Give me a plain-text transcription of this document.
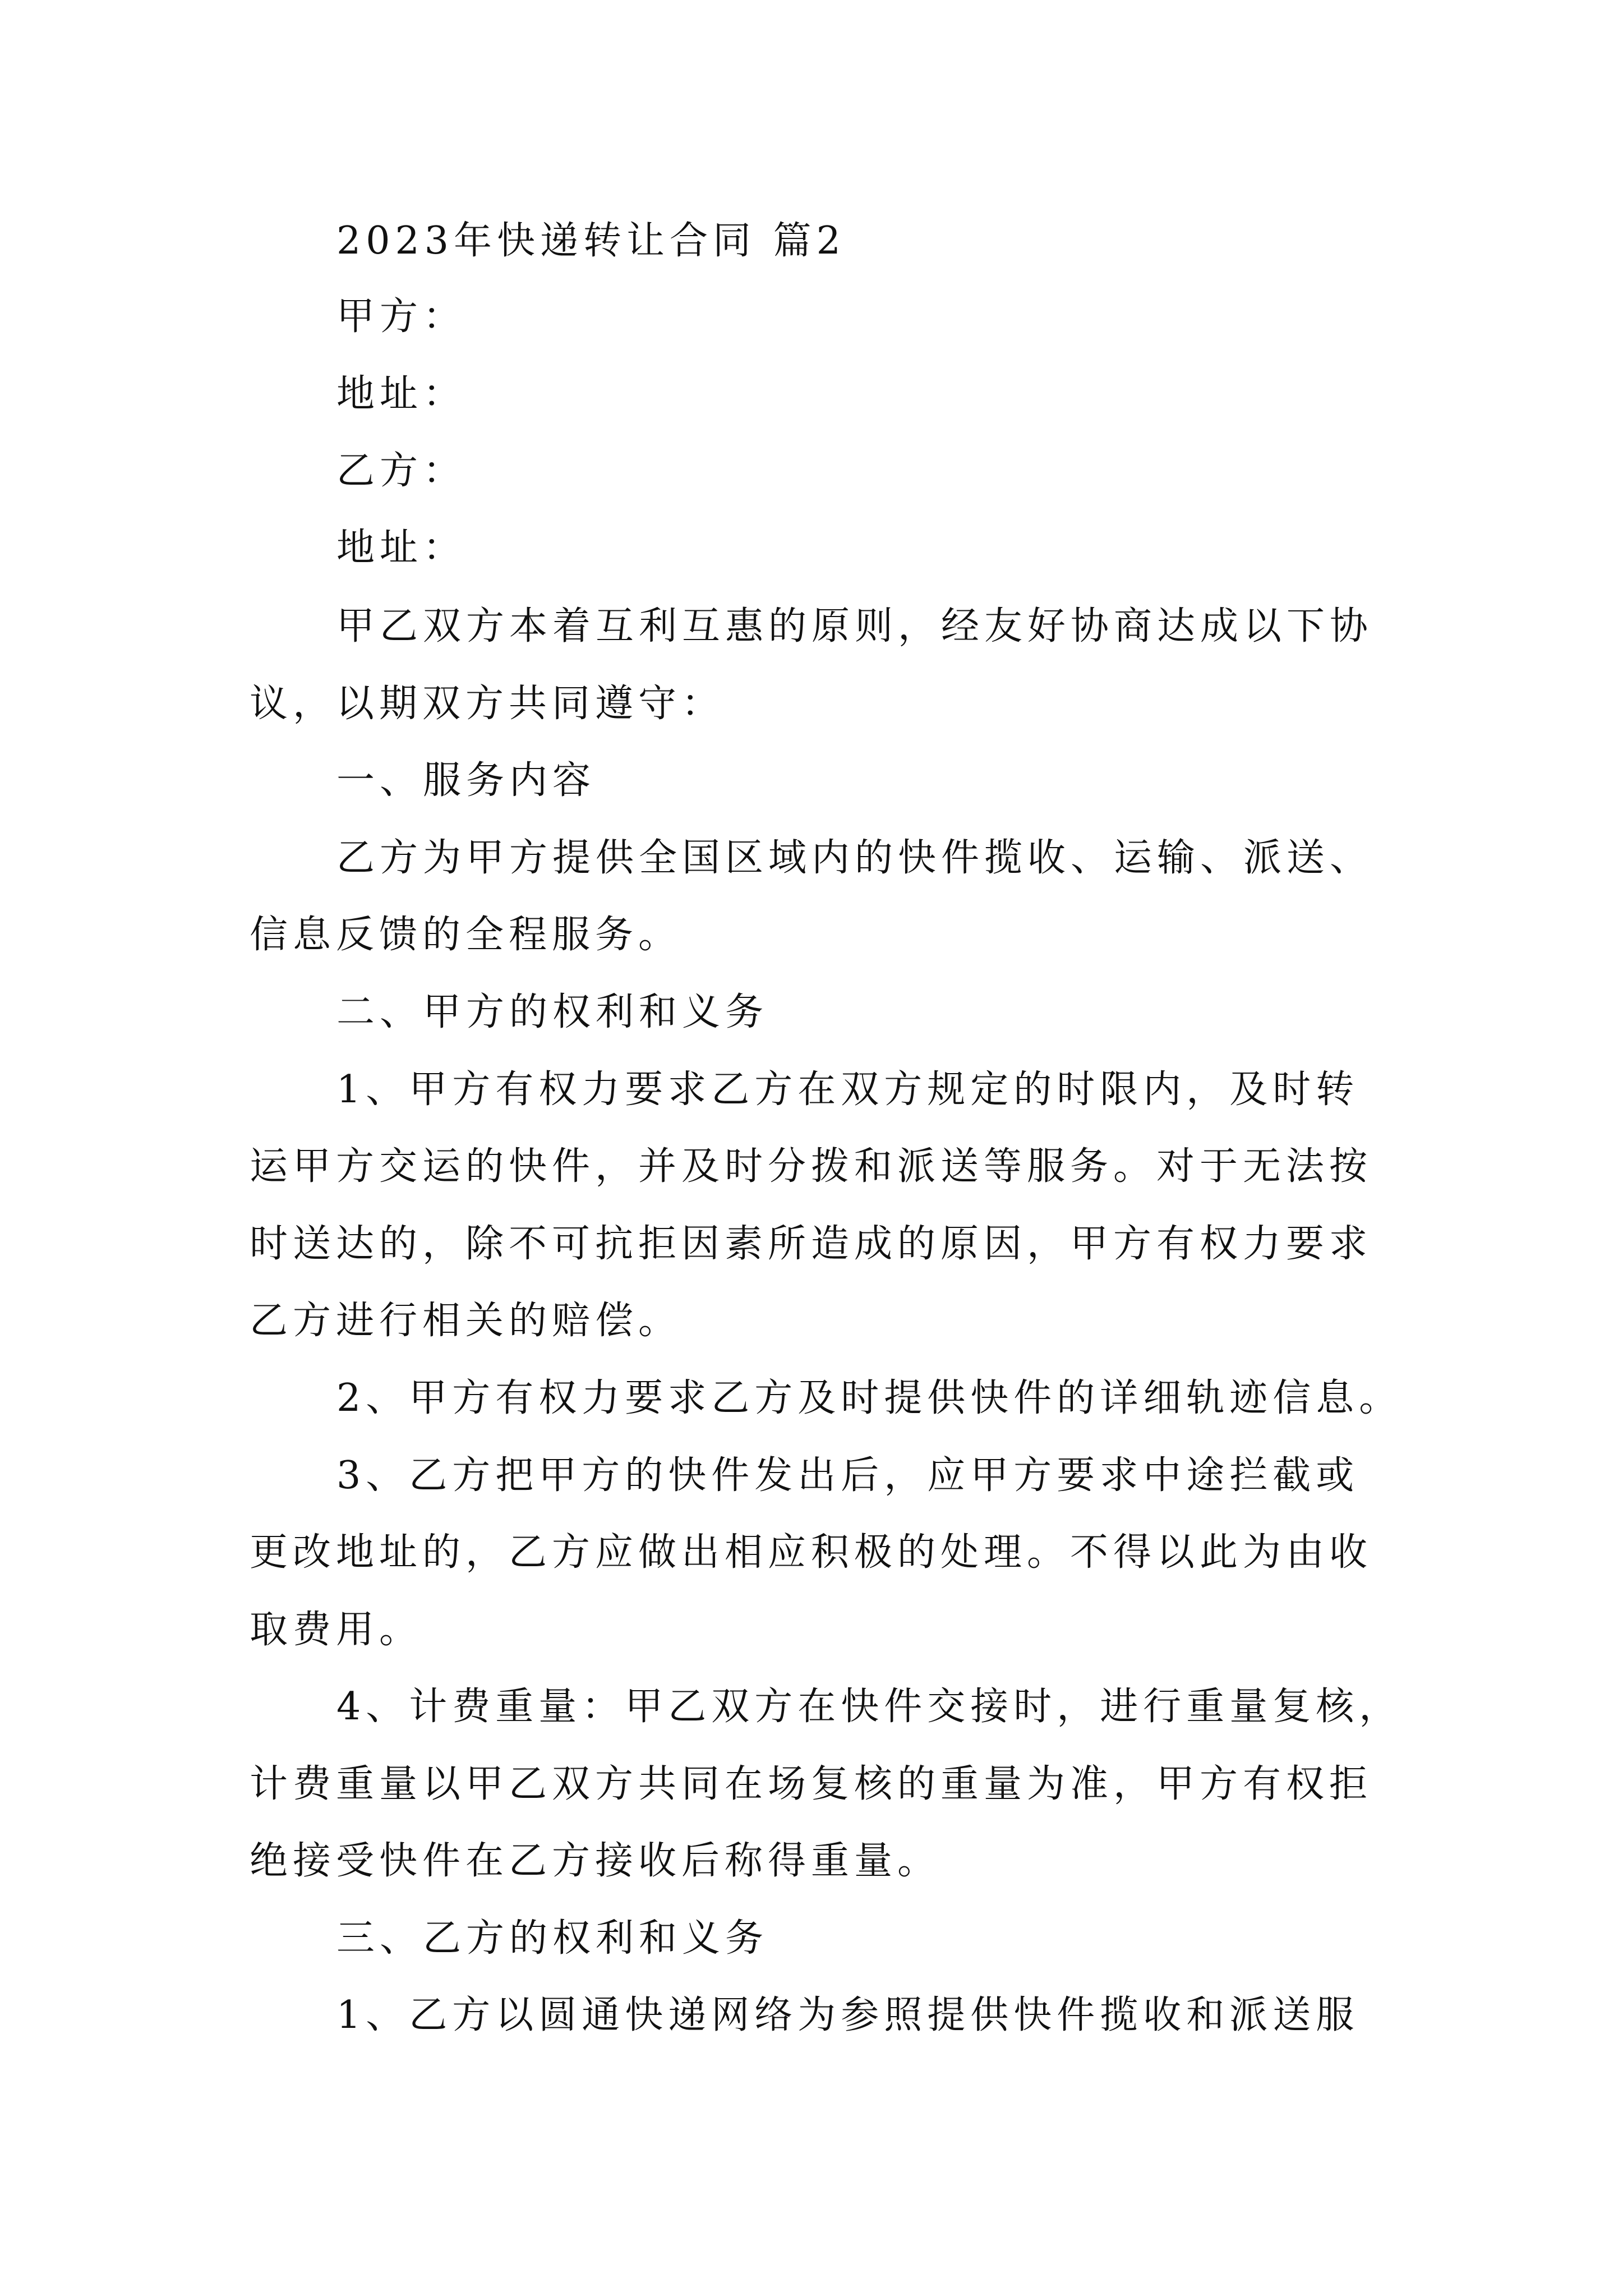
2023年快递转让合同 篇2
甲方：
地址：
乙方：
地址：
甲乙双方本着互利互惠的原则，经友好协商达成以下协
议，以期双方共同遵守：
一、服务内容
乙方为甲方提供全国区域内的快件揽收、运输、派送、
信息反馈的全程服务。
二、甲方的权利和义务
1、甲方有权力要求乙方在双方规定的时限内，及时转
运甲方交运的快件，并及时分拨和派送等服务。对于无法按
时送达的，除不可抗拒因素所造成的原因，甲方有权力要求
乙方进行相关的赔偿。
2、甲方有权力要求乙方及时提供快件的详细轨迹信息。
3、乙方把甲方的快件发出后，应甲方要求中途拦截或
更改地址的，乙方应做出相应积极的处理。不得以此为由收
取费用。
4、计费重量：甲乙双方在快件交接时，进行重量复核，
计费重量以甲乙双方共同在场复核的重量为准，甲方有权拒
绝接受快件在乙方接收后称得重量。
三、乙方的权利和义务
1、乙方以圆通快递网络为参照提供快件揽收和派送服
